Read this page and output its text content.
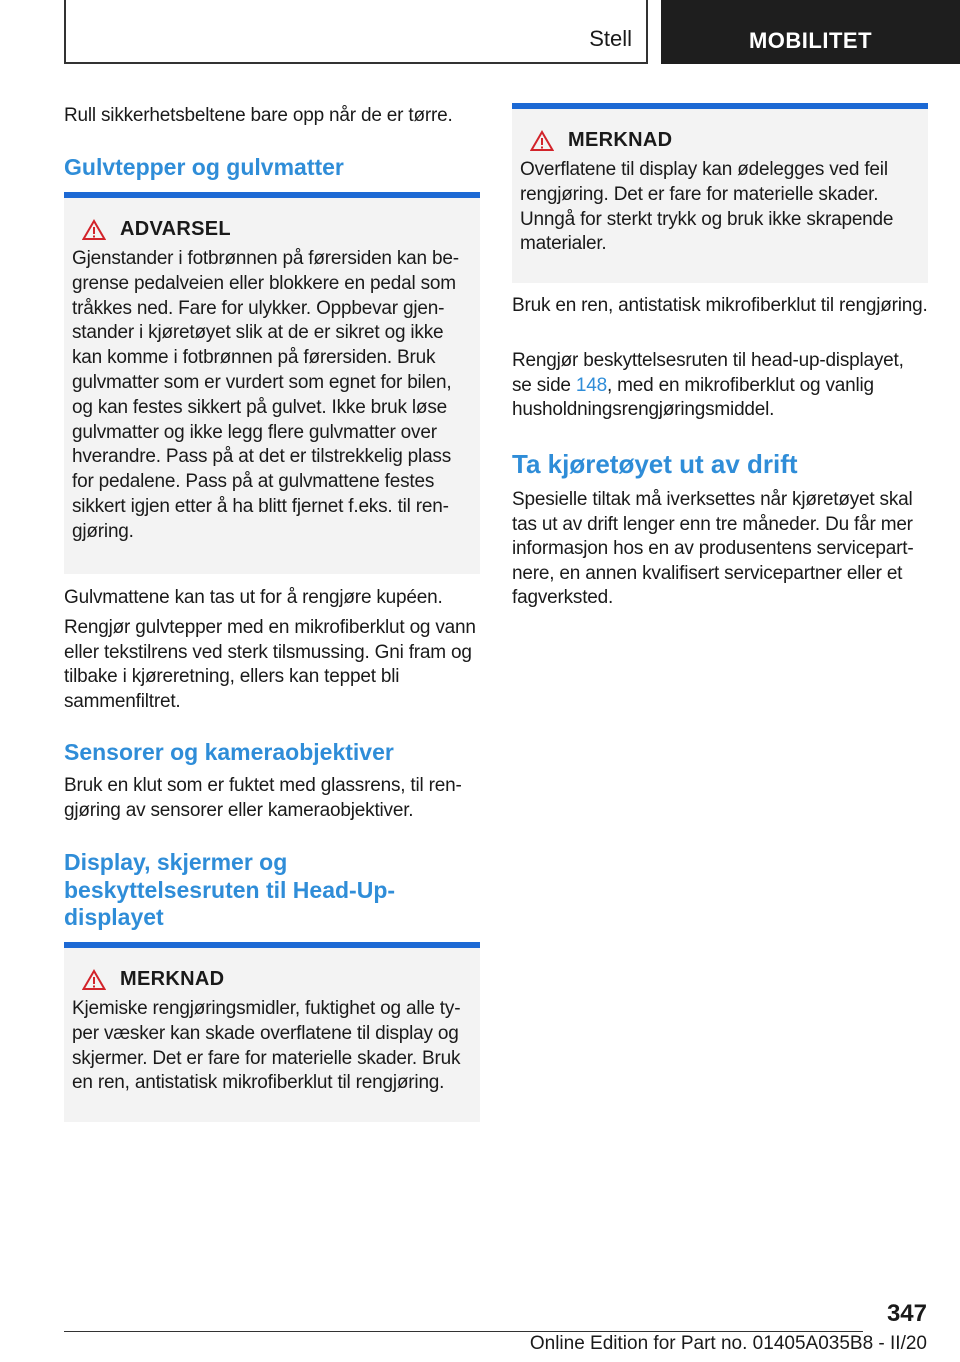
Stell	MOBILITET

Rull sikkerhetsbeltene bare opp når de er tørre.

Gulvtepper og gulvmatter
ADVARSEL

Gjenstander i fotbrønnen på førersiden kan begrense pedalveien eller blokkere en pedal som tråkkes ned. Fare for ulykker. Oppbevar gjenstander i kjøretøyet slik at de er sikret og ikke kan komme i fotbrønnen på førersiden. Bruk gulvmatter som er vurdert som egnet for bilen, og kan festes sikkert på gulvet. Ikke bruk løse gulvmatter og ikke legg flere gulvmatter over hverandre. Pass på at det er tilstrekkelig plass for pedalene. Pass på at gulvmattene festes sikkert igjen etter å ha blitt fjernet f.eks. til rengjøring.

Gulvmattene kan tas ut for å rengjøre kupéen.

Rengjør gulvtepper med en mikrofiberklut og vann eller tekstilrens ved sterk tilsmussing. Gni fram og tilbake i kjøreretning, ellers kan teppet bli sammenfiltret.

Sensorer og kameraobjektiver

Bruk en klut som er fuktet med glassrens, til rengjøring av sensorer eller kameraobjektiver.

Display, skjermer og beskyttelsesruten til Head-Up-displayet
MERKNAD

Kjemiske rengjøringsmidler, fuktighet og alle typer væsker kan skade overflatene til display og skjermer. Det er fare for materielle skader. Bruk en ren, antistatisk mikrofiberklut til rengjøring.

MERKNAD

Overflatene til display kan ødelegges ved feil rengjøring. Det er fare for materielle skader. Unngå for sterkt trykk og bruk ikke skrapende materialer.

Bruk en ren, antistatisk mikrofiberklut til rengjøring.

Rengjør beskyttelsesruten til head-up-displayet, se side 148, med en mikrofiberklut og vanlig husholdningsrengjøringsmiddel.

Ta kjøretøyet ut av drift

Spesielle tiltak må iverksettes når kjøretøyet skal tas ut av drift lenger enn tre måneder. Du får mer informasjon hos en av produsentens servicepartnere, en annen kvalifisert servicepartner eller et fagverksted.

347
Online Edition for Part no. 01405A035B8 - II/20
